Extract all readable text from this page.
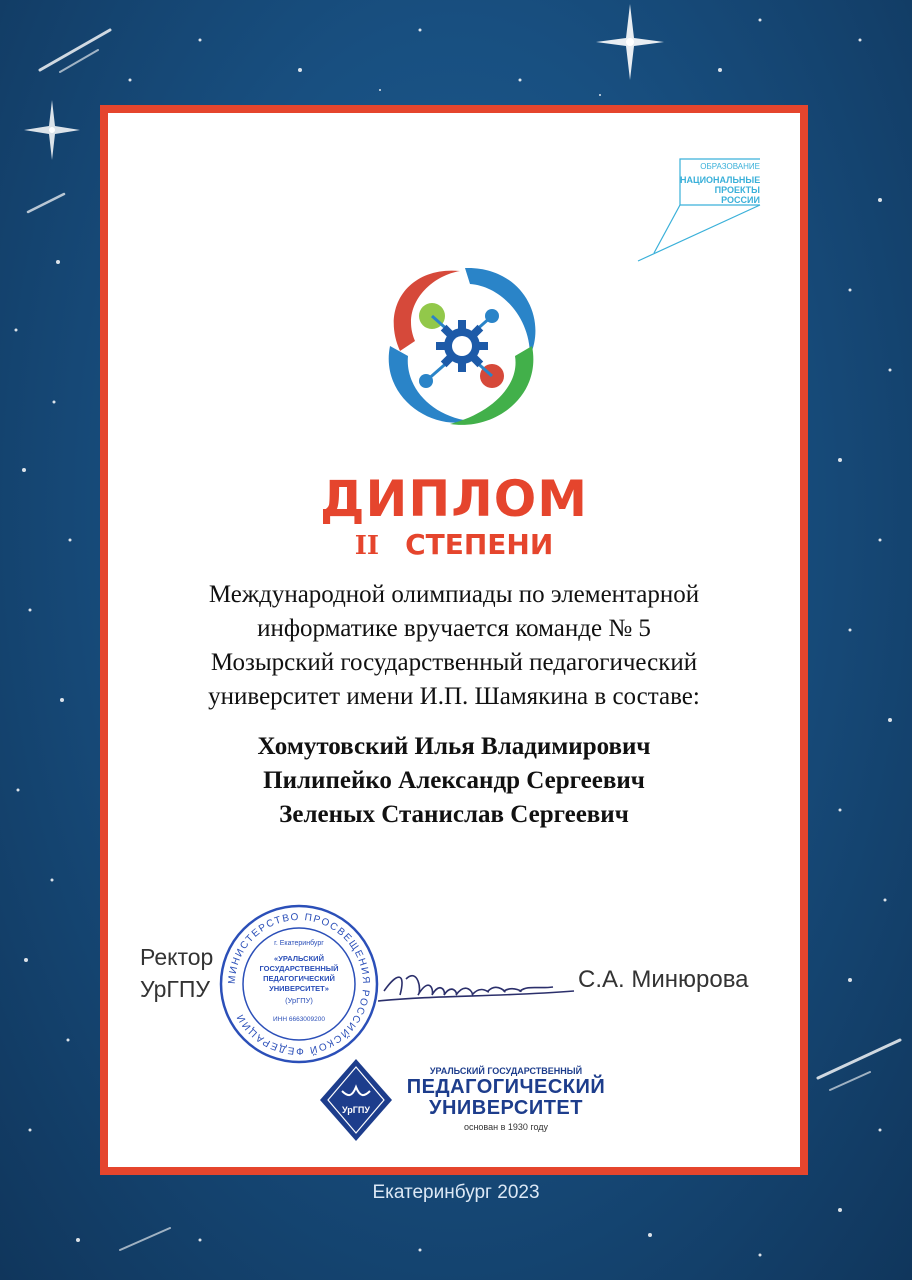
ОБРАЗОВАНИЕ
НАЦИОНАЛЬНЫЕ
ПРОЕКТЫ
РОССИИ
ДИПЛОМ
II СТЕПЕНИ
Международной олимпиады по элементарной
информатике вручается команде № 5
Мозырский государственный педагогический
университет имени И.П. Шамякина в составе:
Хомутовский Илья Владимирович
Пилипейко Александр Сергеевич
Зеленых Станислав Сергеевич
Ректор
УрГПУ	МИНИСТЕРСТВО ПРОСВЕЩЕНИЯ РОССИЙСКОЙ ФЕДЕРАЦИИ
г. Екатеринбург
«УРАЛЬСКИЙ
ГОСУДАРСТВЕННЫЙ
ПЕДАГОГИЧЕСКИЙ
УНИВЕРСИТЕТ»
(УрГПУ)
ИНН 6663009200
С.А. Минюрова
УрГПУ
УРАЛЬСКИЙ ГОСУДАРСТВЕННЫЙ
ПЕДАГОГИЧЕСКИЙ
УНИВЕРСИТЕТ
основан в 1930 году
Екатеринбург 2023
